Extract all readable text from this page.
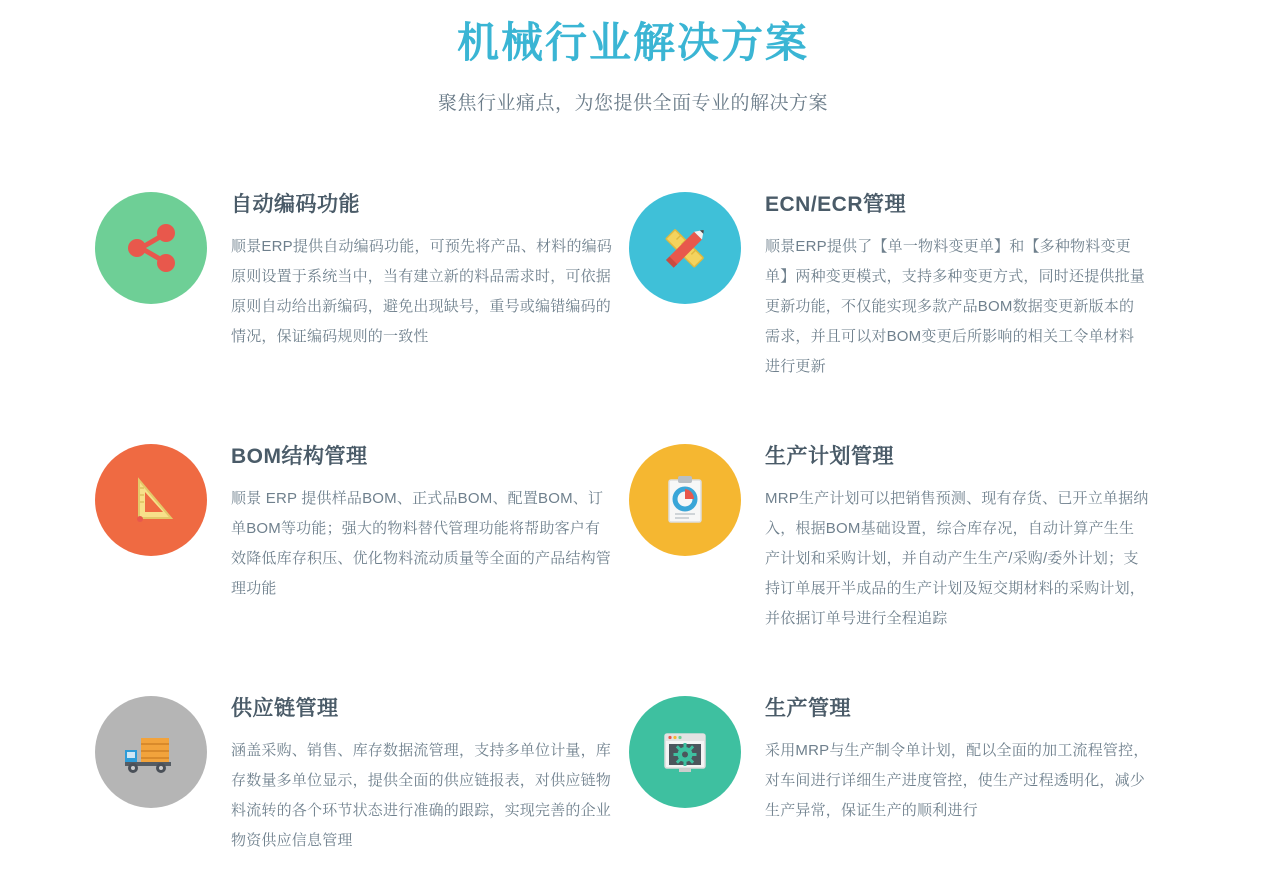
机械行业解决方案

聚焦行业痛点，为您提供全面专业的解决方案

自动编码功能

顺景ERP提供自动编码功能，可预先将产品、材料的编码原则设置于系统当中，当有建立新的料品需求时，可依据原则自动给出新编码，避免出现缺号，重号或编错编码的情况，保证编码规则的一致性

ECN/ECR管理

顺景ERP提供了【单一物料变更单】和【多种物料变更单】两种变更模式，支持多种变更方式，同时还提供批量更新功能，不仅能实现多款产品BOM数据变更新版本的需求，并且可以对BOM变更后所影响的相关工令单材料进行更新

BOM结构管理

顺景 ERP 提供样品BOM、正式品BOM、配置BOM、订单BOM等功能；强大的物料替代管理功能将帮助客户有效降低库存积压、优化物料流动质量等全面的产品结构管理功能

生产计划管理

MRP生产计划可以把销售预测、现有存货、已开立单据纳入，根据BOM基础设置，综合库存况，自动计算产生生产计划和采购计划，并自动产生生产/采购/委外计划；支持订单展开半成品的生产计划及短交期材料的采购计划，并依据订单号进行全程追踪

供应链管理

涵盖采购、销售、库存数据流管理，支持多单位计量，库存数量多单位显示，提供全面的供应链报表，对供应链物料流转的各个环节状态进行准确的跟踪，实现完善的企业物资供应信息管理

生产管理

采用MRP与生产制令单计划，配以全面的加工流程管控，对车间进行详细生产进度管控，使生产过程透明化，减少生产异常，保证生产的顺利进行
